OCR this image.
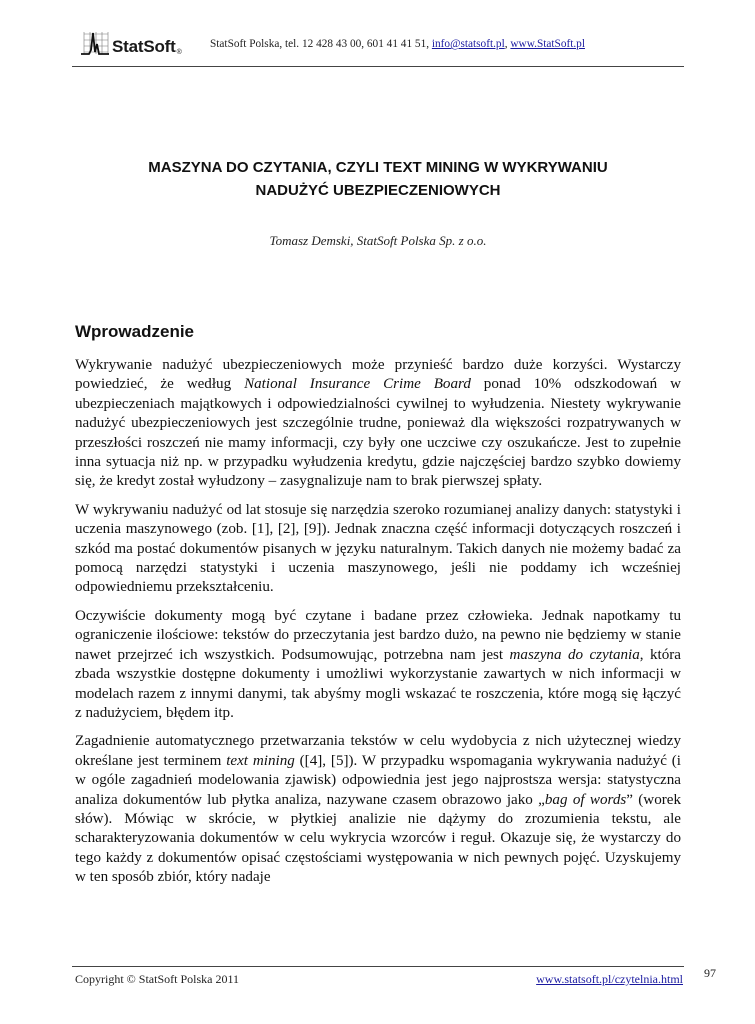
StatSoft ®
StatSoft Polska, tel. 12 428 43 00, 601 41 41 51, info@statsoft.pl, www.StatSoft.pl
MASZYNA DO CZYTANIA, CZYLI TEXT MINING W WYKRYWANIU
NADUŻYĆ UBEZPIECZENIOWYCH
Tomasz Demski, StatSoft Polska Sp. z o.o.
Wprowadzenie

Wykrywanie nadużyć ubezpieczeniowych może przynieść bardzo duże korzyści. Wystarczy powiedzieć, że według National Insurance Crime Board ponad 10% odszkodowań w ubezpieczeniach majątkowych i odpowiedzialności cywilnej to wyłudzenia. Niestety wykrywanie nadużyć ubezpieczeniowych jest szczególnie trudne, ponieważ dla większości rozpatrywanych w przeszłości roszczeń nie mamy informacji, czy były one uczciwe czy oszukańcze. Jest to zupełnie inna sytuacja niż np. w przypadku wyłudzenia kredytu, gdzie najczęściej bardzo szybko dowiemy się, że kredyt został wyłudzony – zasygnalizuje nam to brak pierwszej spłaty.

W wykrywaniu nadużyć od lat stosuje się narzędzia szeroko rozumianej analizy danych: statystyki i uczenia maszynowego (zob. [1], [2], [9]). Jednak znaczna część informacji dotyczących roszczeń i szkód ma postać dokumentów pisanych w języku naturalnym. Takich danych nie możemy badać za pomocą narzędzi statystyki i uczenia maszynowego, jeśli nie poddamy ich wcześniej odpowiedniemu przekształceniu.

Oczywiście dokumenty mogą być czytane i badane przez człowieka. Jednak napotkamy tu ograniczenie ilościowe: tekstów do przeczytania jest bardzo dużo, na pewno nie będziemy w stanie nawet przejrzeć ich wszystkich. Podsumowując, potrzebna nam jest maszyna do czytania, która zbada wszystkie dostępne dokumenty i umożliwi wykorzystanie zawartych w nich informacji w modelach razem z innymi danymi, tak abyśmy mogli wskazać te roszczenia, które mogą się łączyć z nadużyciem, błędem itp.

Zagadnienie automatycznego przetwarzania tekstów w celu wydobycia z nich użytecznej wiedzy określane jest terminem text mining ([4], [5]). W przypadku wspomagania wykrywania nadużyć (i w ogóle zagadnień modelowania zjawisk) odpowiednia jest jego najprostsza wersja: statystyczna analiza dokumentów lub płytka analiza, nazywane czasem obrazowo jako „bag of words” (worek słów). Mówiąc w skrócie, w płytkiej analizie nie dążymy do zrozumienia tekstu, ale scharakteryzowania dokumentów w celu wykrycia wzorców i reguł. Okazuje się, że wystarczy do tego każdy z dokumentów opisać częstościami występowania w nich pewnych pojęć. Uzyskujemy w ten sposób zbiór, który nadaje

Copyright © StatSoft Polska 2011	www.statsoft.pl/czytelnia.html 97
